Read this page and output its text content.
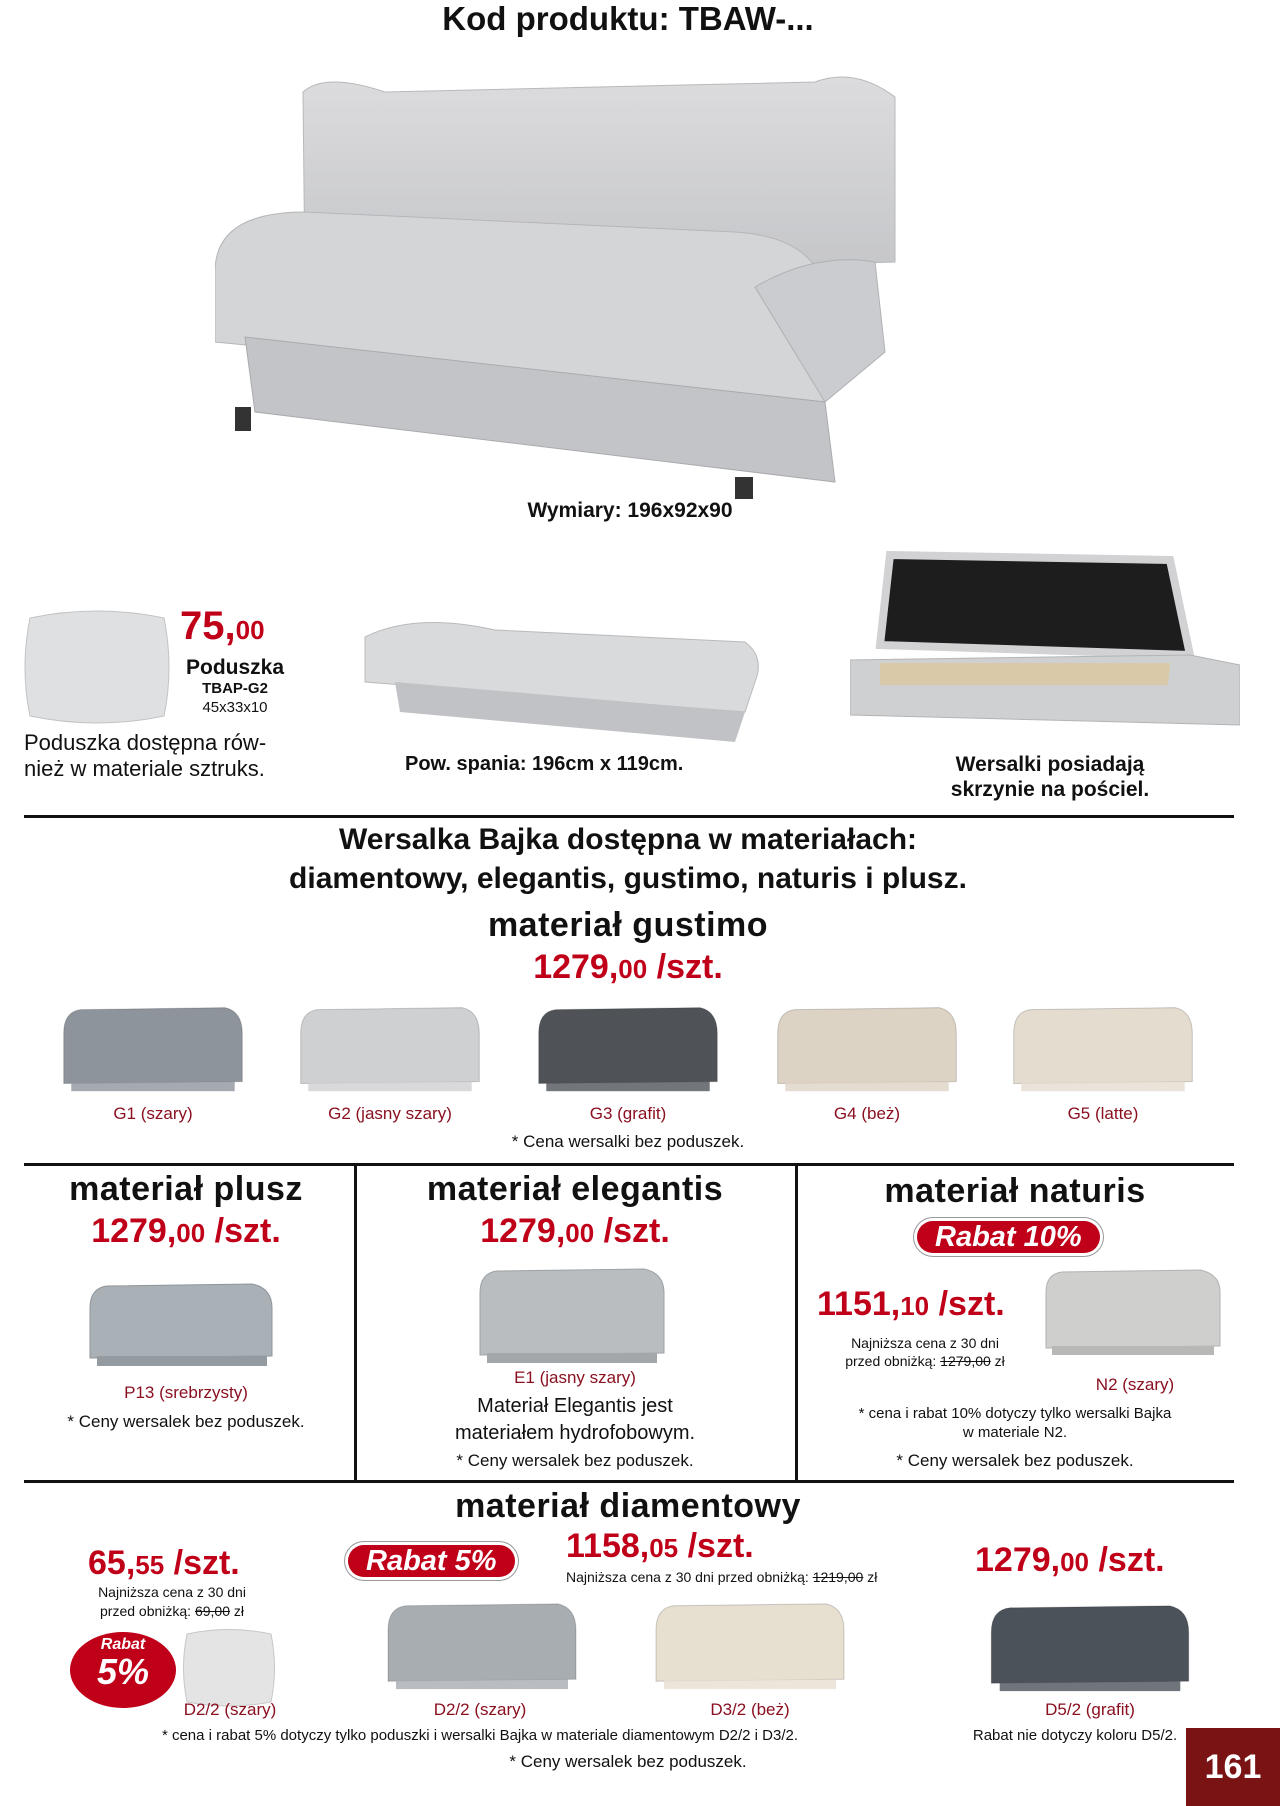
Kod produktu: TBAW-...
Wymiary: 196x92x90
75,00
Poduszka
TBAP-G2
45x33x10
Poduszka dostępna rów- nież w materiale sztruks.	Pow. spania: 196cm x 119cm.	Wersalki posiadają skrzynie na pościel.
Wersalka Bajka dostępna w materiałach:
diamentowy, elegantis, gustimo, naturis i plusz.
materiał gustimo
1279,00 /szt.
G1 (szary)	G2 (jasny szary)	G3 (grafit)	G4 (beż)	G5 (latte)
* Cena wersalki bez poduszek.
materiał plusz
1279,00 /szt.
P13 (srebrzysty)
* Ceny wersalek bez poduszek.
materiał elegantis
1279,00 /szt.
E1 (jasny szary)
Materiał Elegantis jest
materiałem hydrofobowym.
* Ceny wersalek bez poduszek.
materiał naturis
Rabat 10%
1151,10 /szt.
Najniższa cena z 30 dni
przed obniżką: 1279,00 zł
N2 (szary)
* cena i rabat 10% dotyczy tylko wersalki Bajka
w materiale N2.
* Ceny wersalek bez poduszek.
materiał diamentowy
65,55 /szt.
Najniższa cena z 30 dni
przed obniżką: 69,00 zł
Rabat
5%
Rabat 5%	1158,05 /szt.
Najniższa cena z 30 dni przed obniżką: 1219,00 zł	1279,00 /szt.
D2/2 (szary)	D2/2 (szary)	D3/2 (beż)	D5/2 (grafit)
* cena i rabat 5% dotyczy tylko poduszki i wersalki Bajka w materiale diamentowym D2/2 i D3/2.	Rabat nie dotyczy koloru D5/2.
* Ceny wersalek bez poduszek.	161
